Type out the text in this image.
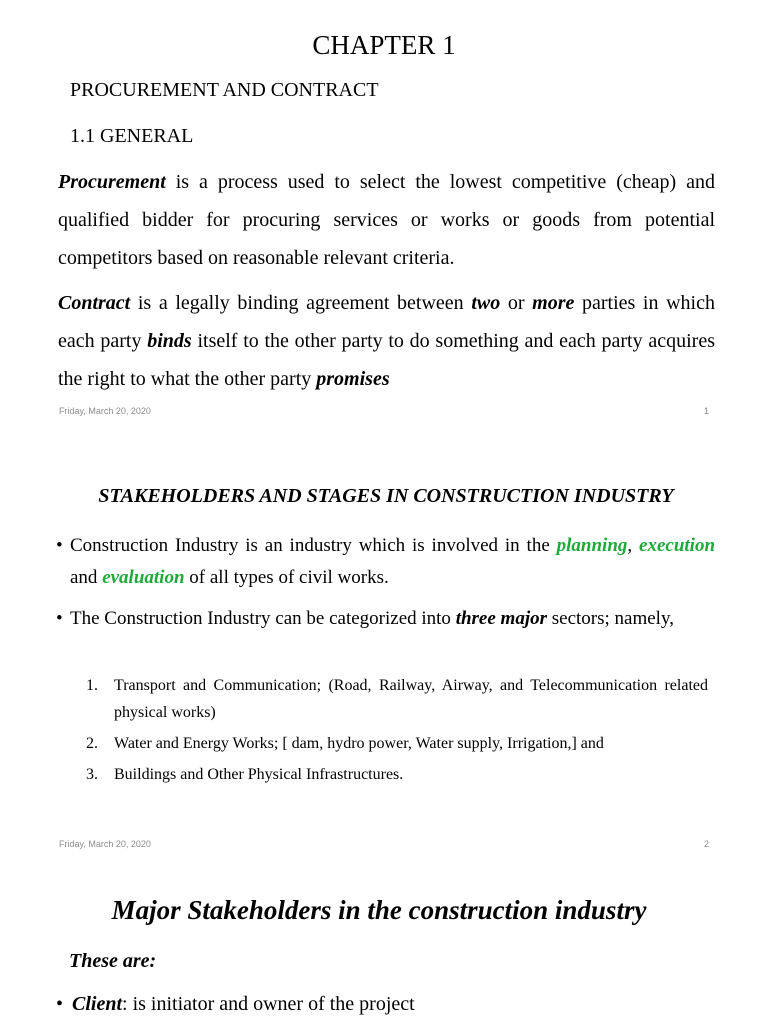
CHAPTER 1
PROCUREMENT AND CONTRACT
1.1 GENERAL
Procurement is a process used to select the lowest competitive (cheap) and qualified bidder for procuring services or works or goods from potential competitors based on reasonable relevant criteria.
Contract is a legally binding agreement between two or more parties in which each party binds itself to the other party to do something and each party acquires the right to what the other party promises
Friday, March 20, 2020	1
STAKEHOLDERS AND STAGES IN CONSTRUCTION INDUSTRY
• Construction Industry is an industry which is involved in the planning, execution and evaluation of all types of civil works.
• The Construction Industry can be categorized into three major sectors; namely,
1. Transport and Communication; (Road, Railway, Airway, and Telecommunication related physical works)
2. Water and Energy Works; [ dam, hydro power, Water supply, Irrigation,] and
3. Buildings and Other Physical Infrastructures.
Friday, March 20, 2020	2
Major Stakeholders in the construction industry
These are:
• Client: is initiator and owner of the project
